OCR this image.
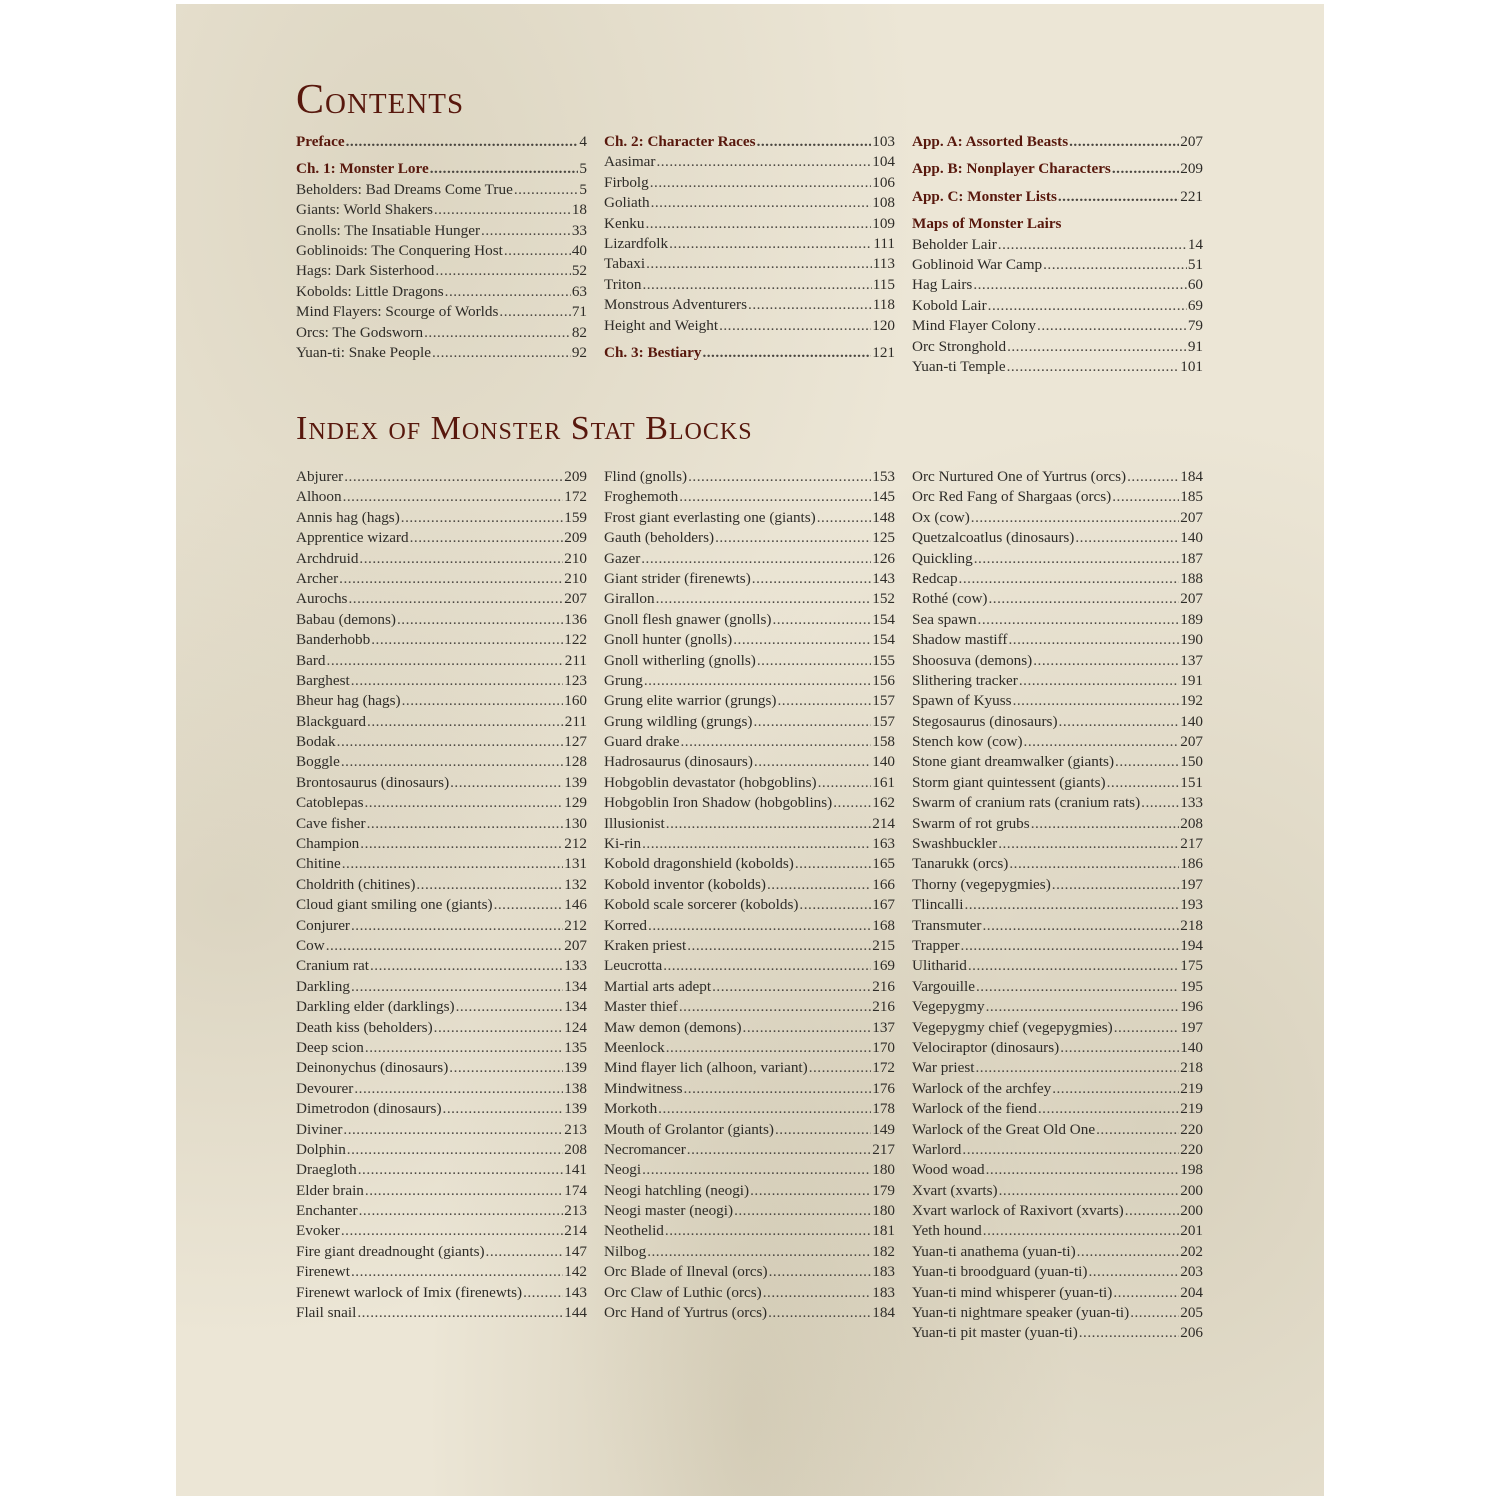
Contents
Preface .....	4
Ch. 1: Monster Lore .....	5
Beholders: Bad Dreams Come True .....	5
Giants: World Shakers .....	18
Gnolls: The Insatiable Hunger .....	33
Goblinoids: The Conquering Host .....	40
Hags: Dark Sisterhood .....	52
Kobolds: Little Dragons .....	63
Mind Flayers: Scourge of Worlds .....	71
Orcs: The Godsworn .....	82
Yuan-ti: Snake People .....	92
Ch. 2: Character Races .....	103
Aasimar .....	104
Firbolg .....	106
Goliath .....	108
Kenku .....	109
Lizardfolk .....	111
Tabaxi .....	113
Triton .....	115
Monstrous Adventurers .....	118
Height and Weight .....	120
Ch. 3: Bestiary .....	121
App. A: Assorted Beasts .....	207
App. B: Nonplayer Characters .....	209
App. C: Monster Lists .....	221
Maps of Monster Lairs
Beholder Lair .....	14
Goblinoid War Camp .....	51
Hag Lairs .....	60
Kobold Lair .....	69
Mind Flayer Colony .....	79
Orc Stronghold .....	91
Yuan-ti Temple .....	101
Index of Monster Stat Blocks
Abjurer .....	209
Alhoon .....	172
Annis hag (hags) .....	159
Apprentice wizard .....	209
Archdruid .....	210
Archer .....	210
Aurochs .....	207
Babau (demons) .....	136
Banderhobb .....	122
Bard .....	211
Barghest .....	123
Bheur hag (hags) .....	160
Blackguard .....	211
Bodak .....	127
Boggle .....	128
Brontosaurus (dinosaurs) .....	139
Catoblepas .....	129
Cave fisher .....	130
Champion .....	212
Chitine .....	131
Choldrith (chitines) .....	132
Cloud giant smiling one (giants) .....	146
Conjurer .....	212
Cow .....	207
Cranium rat .....	133
Darkling .....	134
Darkling elder (darklings) .....	134
Death kiss (beholders) .....	124
Deep scion .....	135
Deinonychus (dinosaurs) .....	139
Devourer .....	138
Dimetrodon (dinosaurs) .....	139
Diviner .....	213
Dolphin .....	208
Draegloth .....	141
Elder brain .....	174
Enchanter .....	213
Evoker .....	214
Fire giant dreadnought (giants) .....	147
Firenewt .....	142
Firenewt warlock of Imix (firenewts) .....	143
Flail snail .....	144
Flind (gnolls) .....	153
Froghemoth .....	145
Frost giant everlasting one (giants) .....	148
Gauth (beholders) .....	125
Gazer .....	126
Giant strider (firenewts) .....	143
Girallon .....	152
Gnoll flesh gnawer (gnolls) .....	154
Gnoll hunter (gnolls) .....	154
Gnoll witherling (gnolls) .....	155
Grung .....	156
Grung elite warrior (grungs) .....	157
Grung wildling (grungs) .....	157
Guard drake .....	158
Hadrosaurus (dinosaurs) .....	140
Hobgoblin devastator (hobgoblins) .....	161
Hobgoblin Iron Shadow (hobgoblins) .....	162
Illusionist .....	214
Ki-rin .....	163
Kobold dragonshield (kobolds) .....	165
Kobold inventor (kobolds) .....	166
Kobold scale sorcerer (kobolds) .....	167
Korred .....	168
Kraken priest .....	215
Leucrotta .....	169
Martial arts adept .....	216
Master thief .....	216
Maw demon (demons) .....	137
Meenlock .....	170
Mind flayer lich (alhoon, variant) .....	172
Mindwitness .....	176
Morkoth .....	178
Mouth of Grolantor (giants) .....	149
Necromancer .....	217
Neogi .....	180
Neogi hatchling (neogi) .....	179
Neogi master (neogi) .....	180
Neothelid .....	181
Nilbog .....	182
Orc Blade of Ilneval (orcs) .....	183
Orc Claw of Luthic (orcs) .....	183
Orc Hand of Yurtrus (orcs) .....	184
Orc Nurtured One of Yurtrus (orcs) .....	184
Orc Red Fang of Shargaas (orcs) .....	185
Ox (cow) .....	207
Quetzalcoatlus (dinosaurs) .....	140
Quickling .....	187
Redcap .....	188
Rothé (cow) .....	207
Sea spawn .....	189
Shadow mastiff .....	190
Shoosuva (demons) .....	137
Slithering tracker .....	191
Spawn of Kyuss .....	192
Stegosaurus (dinosaurs) .....	140
Stench kow (cow) .....	207
Stone giant dreamwalker (giants) .....	150
Storm giant quintessent (giants) .....	151
Swarm of cranium rats (cranium rats) .....	133
Swarm of rot grubs .....	208
Swashbuckler .....	217
Tanarukk (orcs) .....	186
Thorny (vegepygmies) .....	197
Tlincalli .....	193
Transmuter .....	218
Trapper .....	194
Ulitharid .....	175
Vargouille .....	195
Vegepygmy .....	196
Vegepygmy chief (vegepygmies) .....	197
Velociraptor (dinosaurs) .....	140
War priest .....	218
Warlock of the archfey .....	219
Warlock of the fiend .....	219
Warlock of the Great Old One .....	220
Warlord .....	220
Wood woad .....	198
Xvart (xvarts) .....	200
Xvart warlock of Raxivort (xvarts) .....	200
Yeth hound .....	201
Yuan-ti anathema (yuan-ti) .....	202
Yuan-ti broodguard (yuan-ti) .....	203
Yuan-ti mind whisperer (yuan-ti) .....	204
Yuan-ti nightmare speaker (yuan-ti) .....	205
Yuan-ti pit master (yuan-ti) .....	206
